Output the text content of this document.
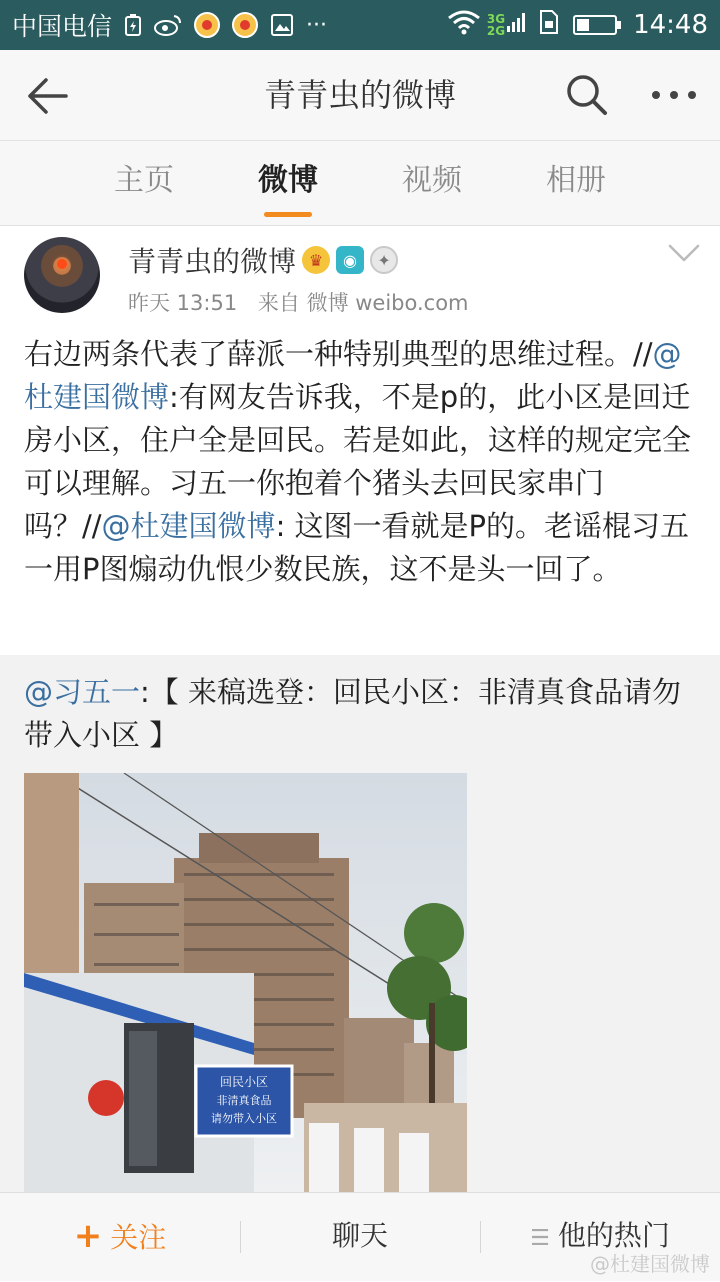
中国电信	···	3G
2G	14:48
青青虫的微博
主页	微博	视频	相册
青青虫的微博 ♛	◉	✦
昨天 13:51 来自 微博 weibo.com

右边两条代表了薛派一种特别典型的思维过程。//@杜建国微博:有网友告诉我，不是p的，此小区是回迁房小区，住户全是回民。若是如此，这样的规定完全可以理解。习五一你抱着个猪头去回民家串门吗？//@杜建国微博: 这图一看就是P的。老谣棍习五一用P图煽动仇恨少数民族，这不是头一回了。

@习五一:【 来稿选登：回民小区：非清真食品请勿带入小区 】

回民小区
非清真食品
请勿带入小区
+ 关注	聊天	☰ 他的热门
@杜建国微博
